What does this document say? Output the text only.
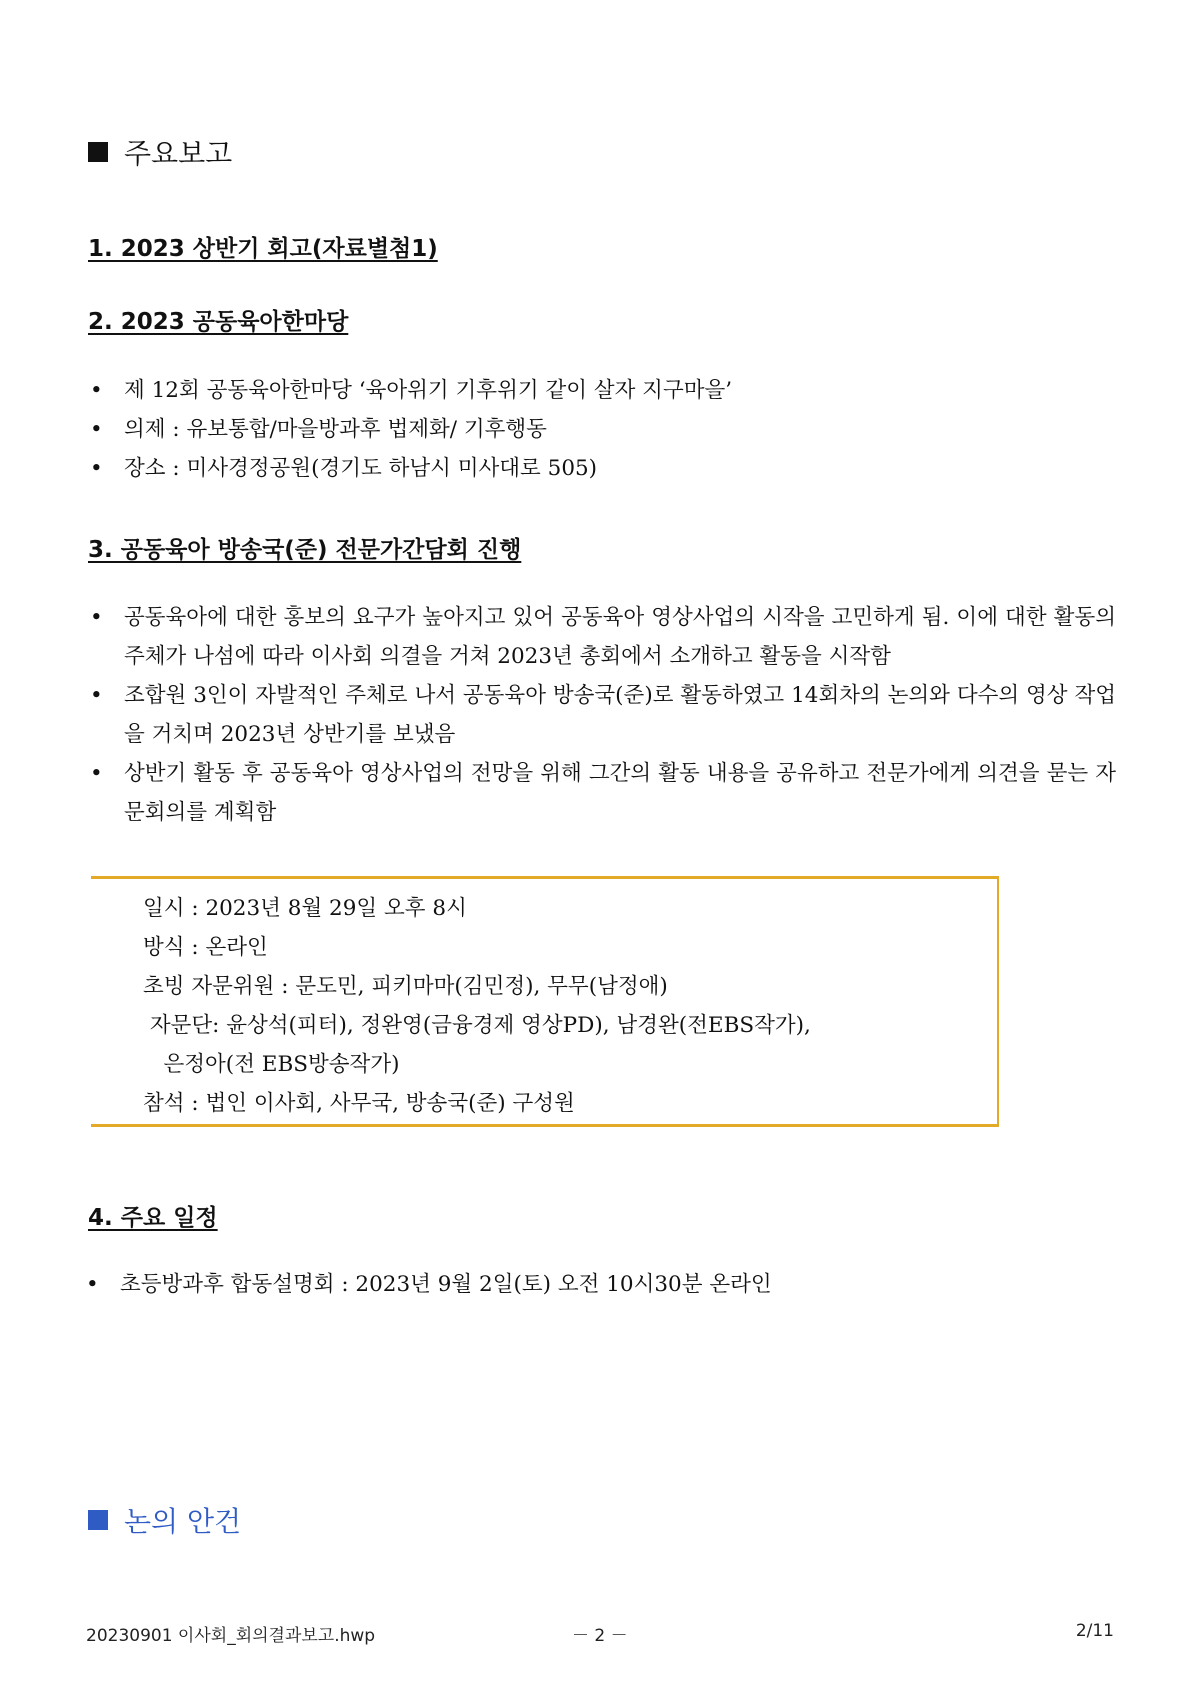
주요보고
1. 2023 상반기 회고(자료별첨1)
2. 2023 공동육아한마당
• 제 12회 공동육아한마당 ‘육아위기 기후위기 같이 살자 지구마을’
• 의제 : 유보통합/마을방과후 법제화/ 기후행동
• 장소 : 미사경정공원(경기도 하남시 미사대로 505)
3. 공동육아 방송국(준) 전문가간담회 진행
• 공동육아에 대한 홍보의 요구가 높아지고 있어 공동육아 영상사업의 시작을 고민하게 됨. 이에 대한 활동의 주체가 나섬에 따라 이사회 의결을 거쳐 2023년 총회에서 소개하고 활동을 시작함
• 조합원 3인이 자발적인 주체로 나서 공동육아 방송국(준)로 활동하였고 14회차의 논의와 다수의 영상 작업을 거치며 2023년 상반기를 보냈음
• 상반기 활동 후 공동육아 영상사업의 전망을 위해 그간의 활동 내용을 공유하고 전문가에게 의견을 묻는 자문회의를 계획함
일시 : 2023년 8월 29일 오후 8시
방식 : 온라인
초빙 자문위원 : 문도민, 피키마마(김민정), 무무(남정애)
자문단: 윤상석(피터), 정완영(금융경제 영상PD), 남경완(전EBS작가),
은정아(전 EBS방송작가)
참석 : 법인 이사회, 사무국, 방송국(준) 구성원
4. 주요 일정
• 초등방과후 합동설명회 : 2023년 9월 2일(토) 오전 10시30분 온라인
논의 안건
20230901 이사회_회의결과보고.hwp	－ 2 －	2/11
